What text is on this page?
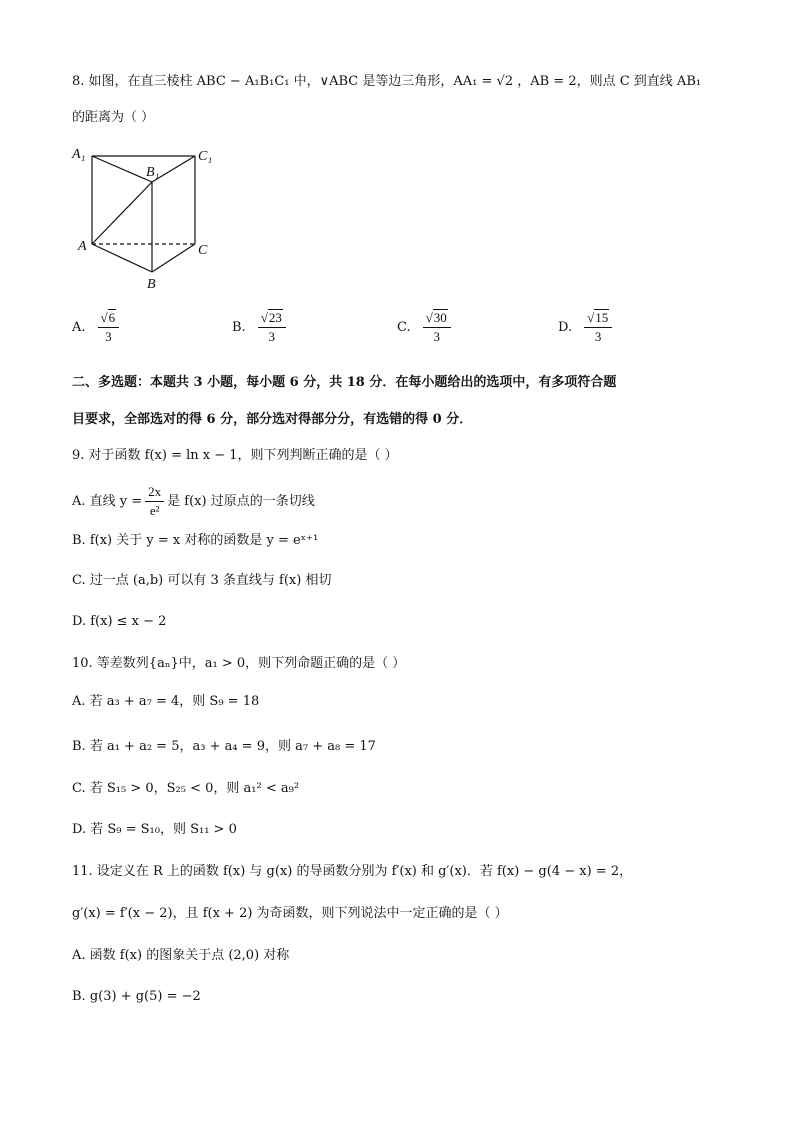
8. 如图，在直三棱柱 ABC − A₁B₁C₁ 中，∨ABC 是等边三角形，AA₁ = √2 ，AB = 2，则点 C 到直线 AB₁
的距离为（ ）
A₁
B₁
C₁
A
B
C
A. $\frac{√6}{3}$	B. $\frac{√23}{3}$	C. $\frac{√30}{3}$	D. $\frac{√15}{3}$
二、多选题：本题共 3 小题，每小题 6 分，共 18 分．在每小题给出的选项中，有多项符合题
目要求，全部选对的得 6 分，部分选对得部分分，有选错的得 0 分．
9. 对于函数 f(x) = ln x − 1，则下列判断正确的是（ ）
A. 直线 $y = \frac{2x}{\text{e²}}$ 是 f(x) 过原点的一条切线
B. f(x) 关于 y = x 对称的函数是 y = eˣ⁺¹
C. 过一点 (a,b) 可以有 3 条直线与 f(x) 相切
D. f(x) ≤ x − 2
10. 等差数列{aₙ}中，a₁ > 0，则下列命题正确的是（ ）
A. 若 a₃ + a₇ = 4，则 S₉ = 18
B. 若 a₁ + a₂ = 5，a₃ + a₄ = 9，则 a₇ + a₈ = 17
C. 若 S₁₅ > 0，S₂₅ < 0，则 a₁² < a₉²
D. 若 S₉ = S₁₀，则 S₁₁ > 0
11. 设定义在 R 上的函数 f(x) 与 g(x) 的导函数分别为 f′(x) 和 g′(x)．若 f(x) − g(4 − x) = 2，
g′(x) = f′(x − 2)，且 f(x + 2) 为奇函数，则下列说法中一定正确的是（ ）
A. 函数 f(x) 的图象关于点 (2,0) 对称
B. g(3) + g(5) = −2
